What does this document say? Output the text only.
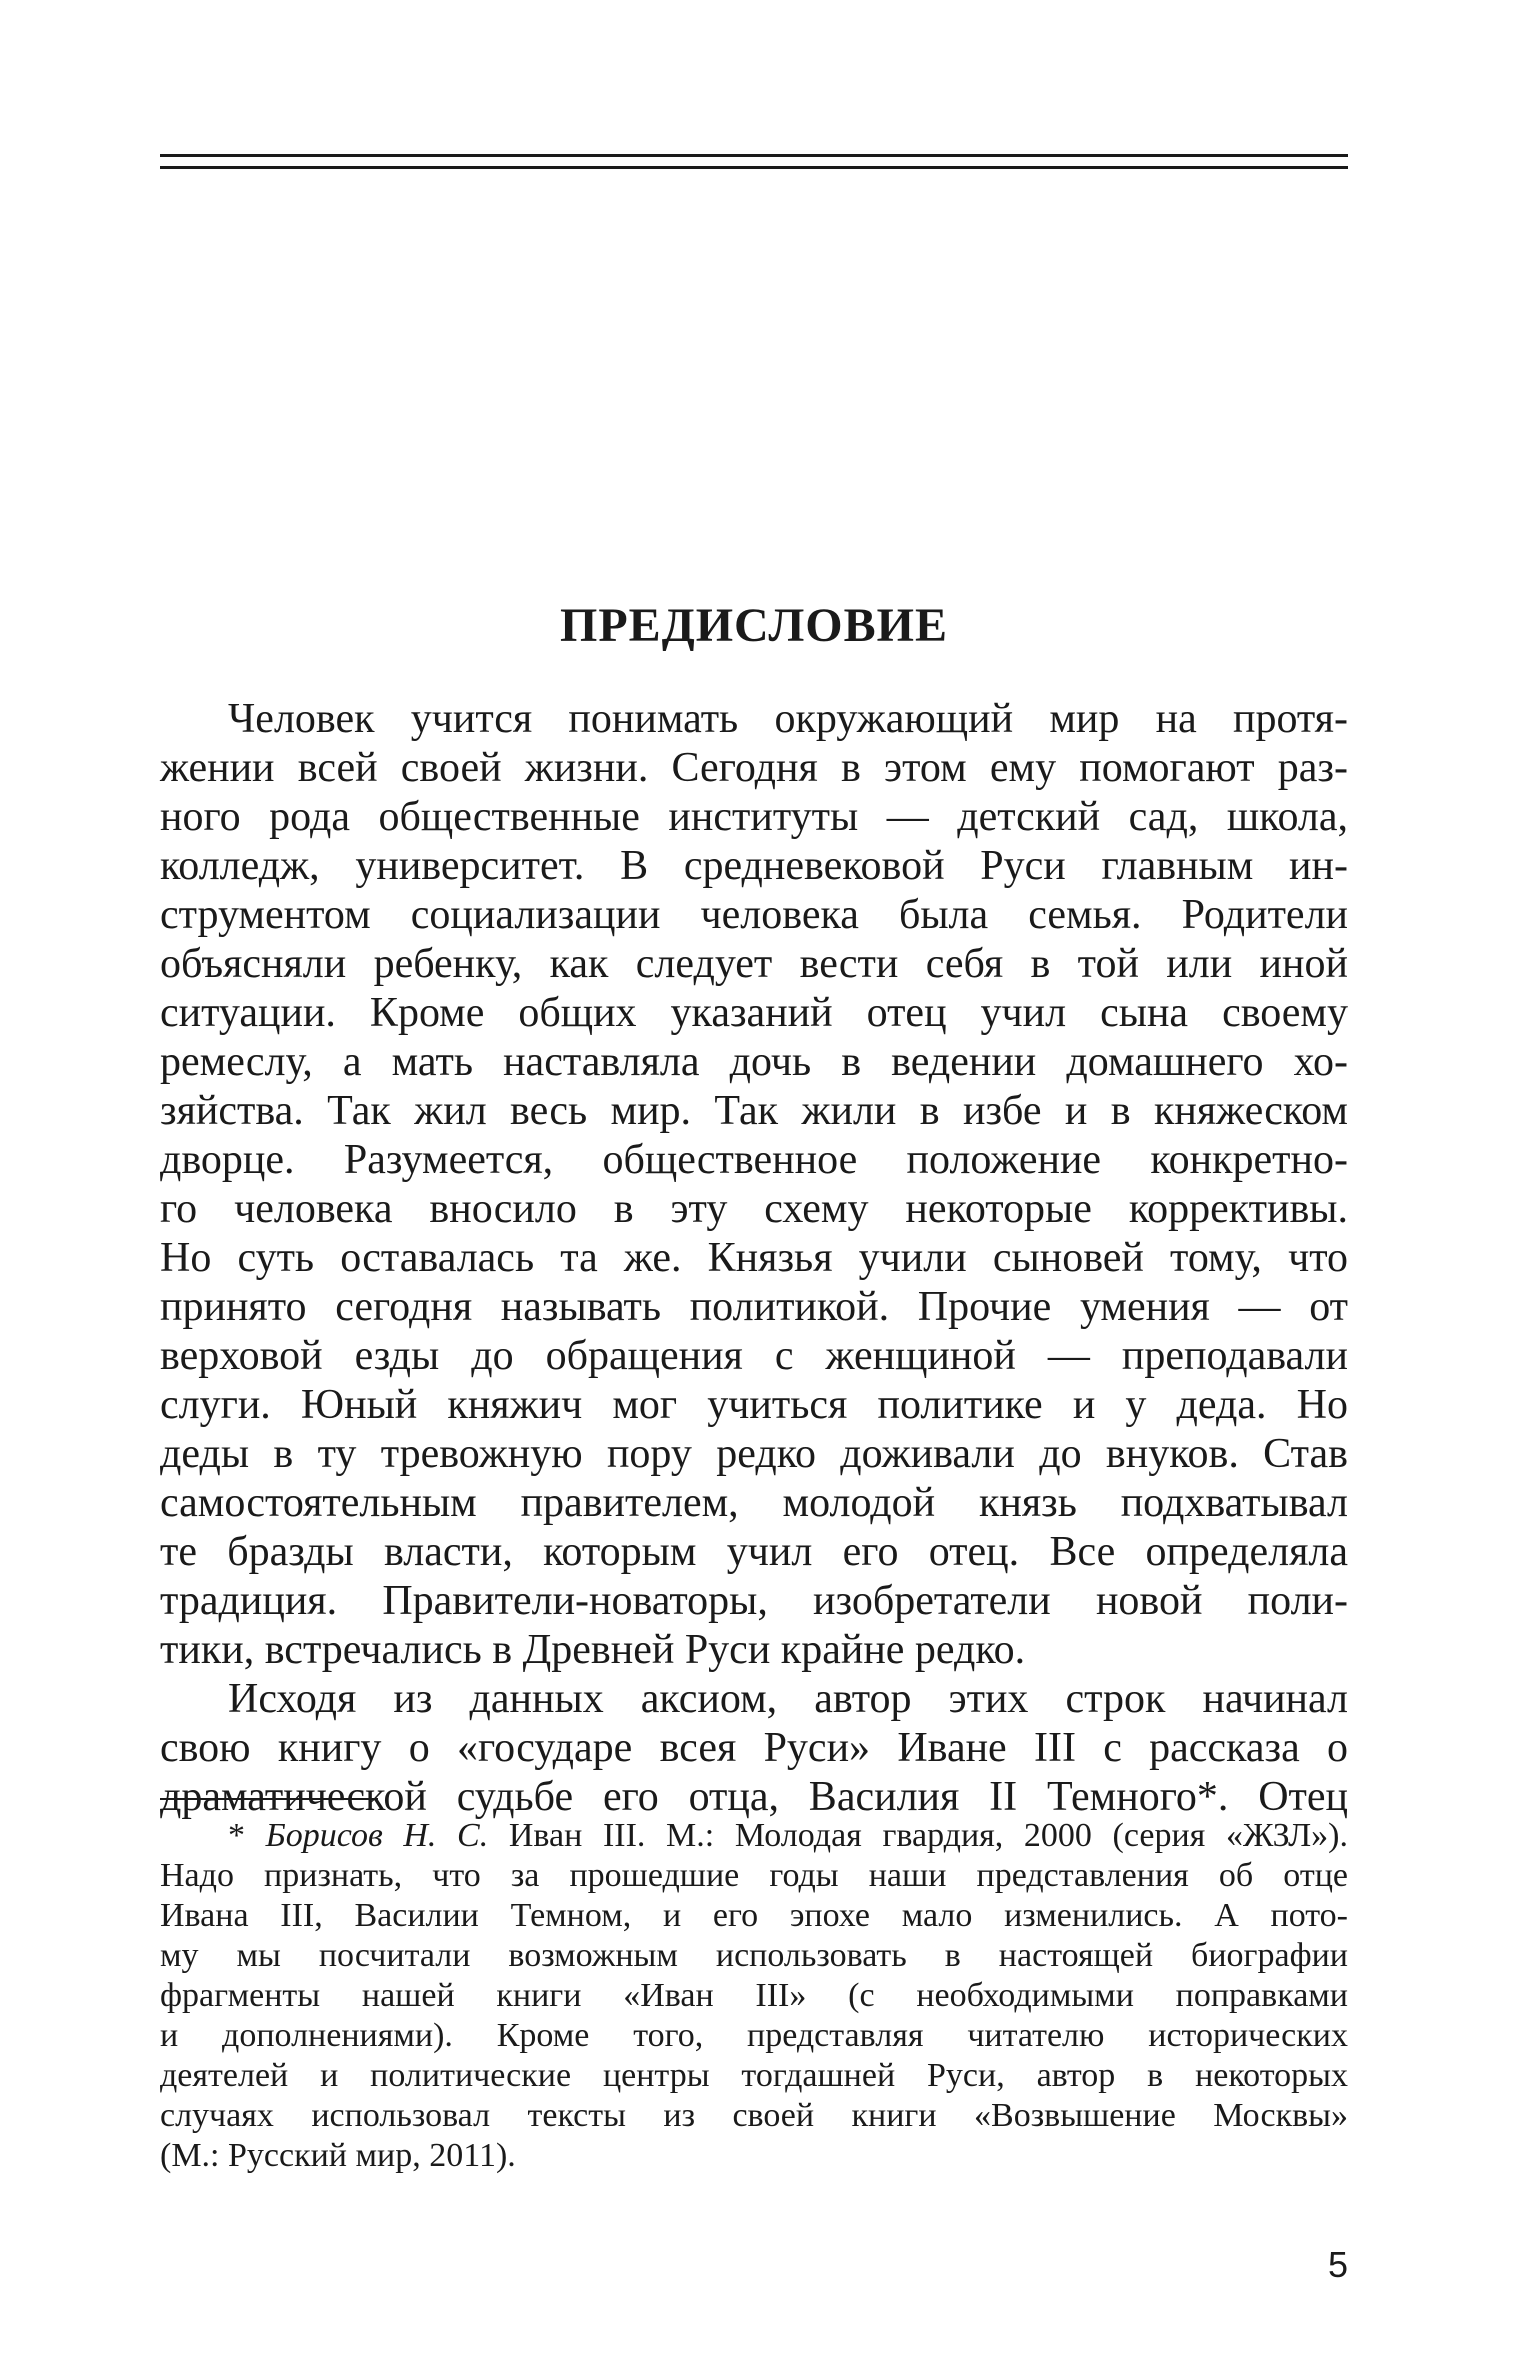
ПРЕДИСЛОВИЕ
Человек учится понимать окружающий мир на протя-
жении всей своей жизни. Сегодня в этом ему помогают раз-
ного рода общественные институты — детский сад, школа,
колледж, университет. В средневековой Руси главным ин-
струментом социализации человека была семья. Родители
объясняли ребенку, как следует вести себя в той или иной
ситуации. Кроме общих указаний отец учил сына своему
ремеслу, а мать наставляла дочь в ведении домашнего хо-
зяйства. Так жил весь мир. Так жили в избе и в княжеском
дворце. Разумеется, общественное положение конкретно-
го человека вносило в эту схему некоторые коррективы.
Но суть оставалась та же. Князья учили сыновей тому, что
принято сегодня называть политикой. Прочие умения — от
верховой езды до обращения с женщиной — преподавали
слуги. Юный княжич мог учиться политике и у деда. Но
деды в ту тревожную пору редко доживали до внуков. Став
самостоятельным правителем, молодой князь подхватывал
те бразды власти, которым учил его отец. Все определяла
традиция. Правители-новаторы, изобретатели новой поли-
тики, встречались в Древней Руси крайне редко.
Исходя из данных аксиом, автор этих строк начинал
свою книгу о «государе всея Руси» Иване III с рассказа о
драматической судьбе его отца, Василия II Темного*. Отец
* Борисов Н. С. Иван III. М.: Молодая гвардия, 2000 (серия «ЖЗЛ»).
Надо признать, что за прошедшие годы наши представления об отце
Ивана III, Василии Темном, и его эпохе мало изменились. А пото-
му мы посчитали возможным использовать в настоящей биографии
фрагменты нашей книги «Иван III» (с необходимыми поправками
и дополнениями). Кроме того, представляя читателю исторических
деятелей и политические центры тогдашней Руси, автор в некоторых
случаях использовал тексты из своей книги «Возвышение Москвы»
(М.: Русский мир, 2011).
5
